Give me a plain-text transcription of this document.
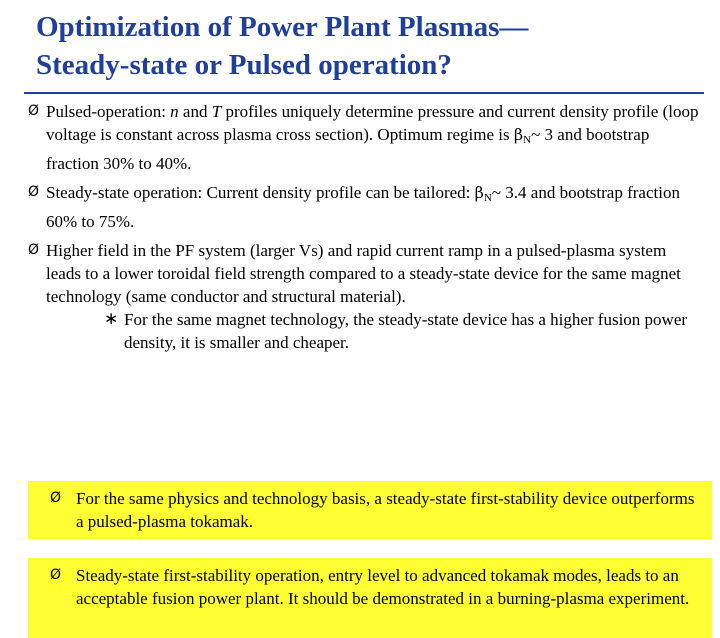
Optimization of Power Plant Plasmas—
Steady-state or Pulsed operation?
Ø Pulsed-operation: n and T profiles uniquely determine pressure and current density profile (loop voltage is constant across plasma cross section). Optimum regime is $\beta_N\sim$ 3 and bootstrap fraction 30% to 40%.
Ø Steady-state operation: Current density profile can be tailored: $\beta_N\sim$ 3.4 and bootstrap fraction 60% to 75%.
Ø Higher field in the PF system (larger Vs) and rapid current ramp in a pulsed-plasma system leads to a lower toroidal field strength compared to a steady-state device for the same magnet technology (same conductor and structural material).
∗ For the same magnet technology, the steady-state device has a higher fusion power density, it is smaller and cheaper.
Ø For the same physics and technology basis, a steady-state first-stability device outperforms a pulsed-plasma tokamak.
Ø Steady-state first-stability operation, entry level to advanced tokamak modes, leads to an acceptable fusion power plant. It should be demonstrated in a burning-plasma experiment.
